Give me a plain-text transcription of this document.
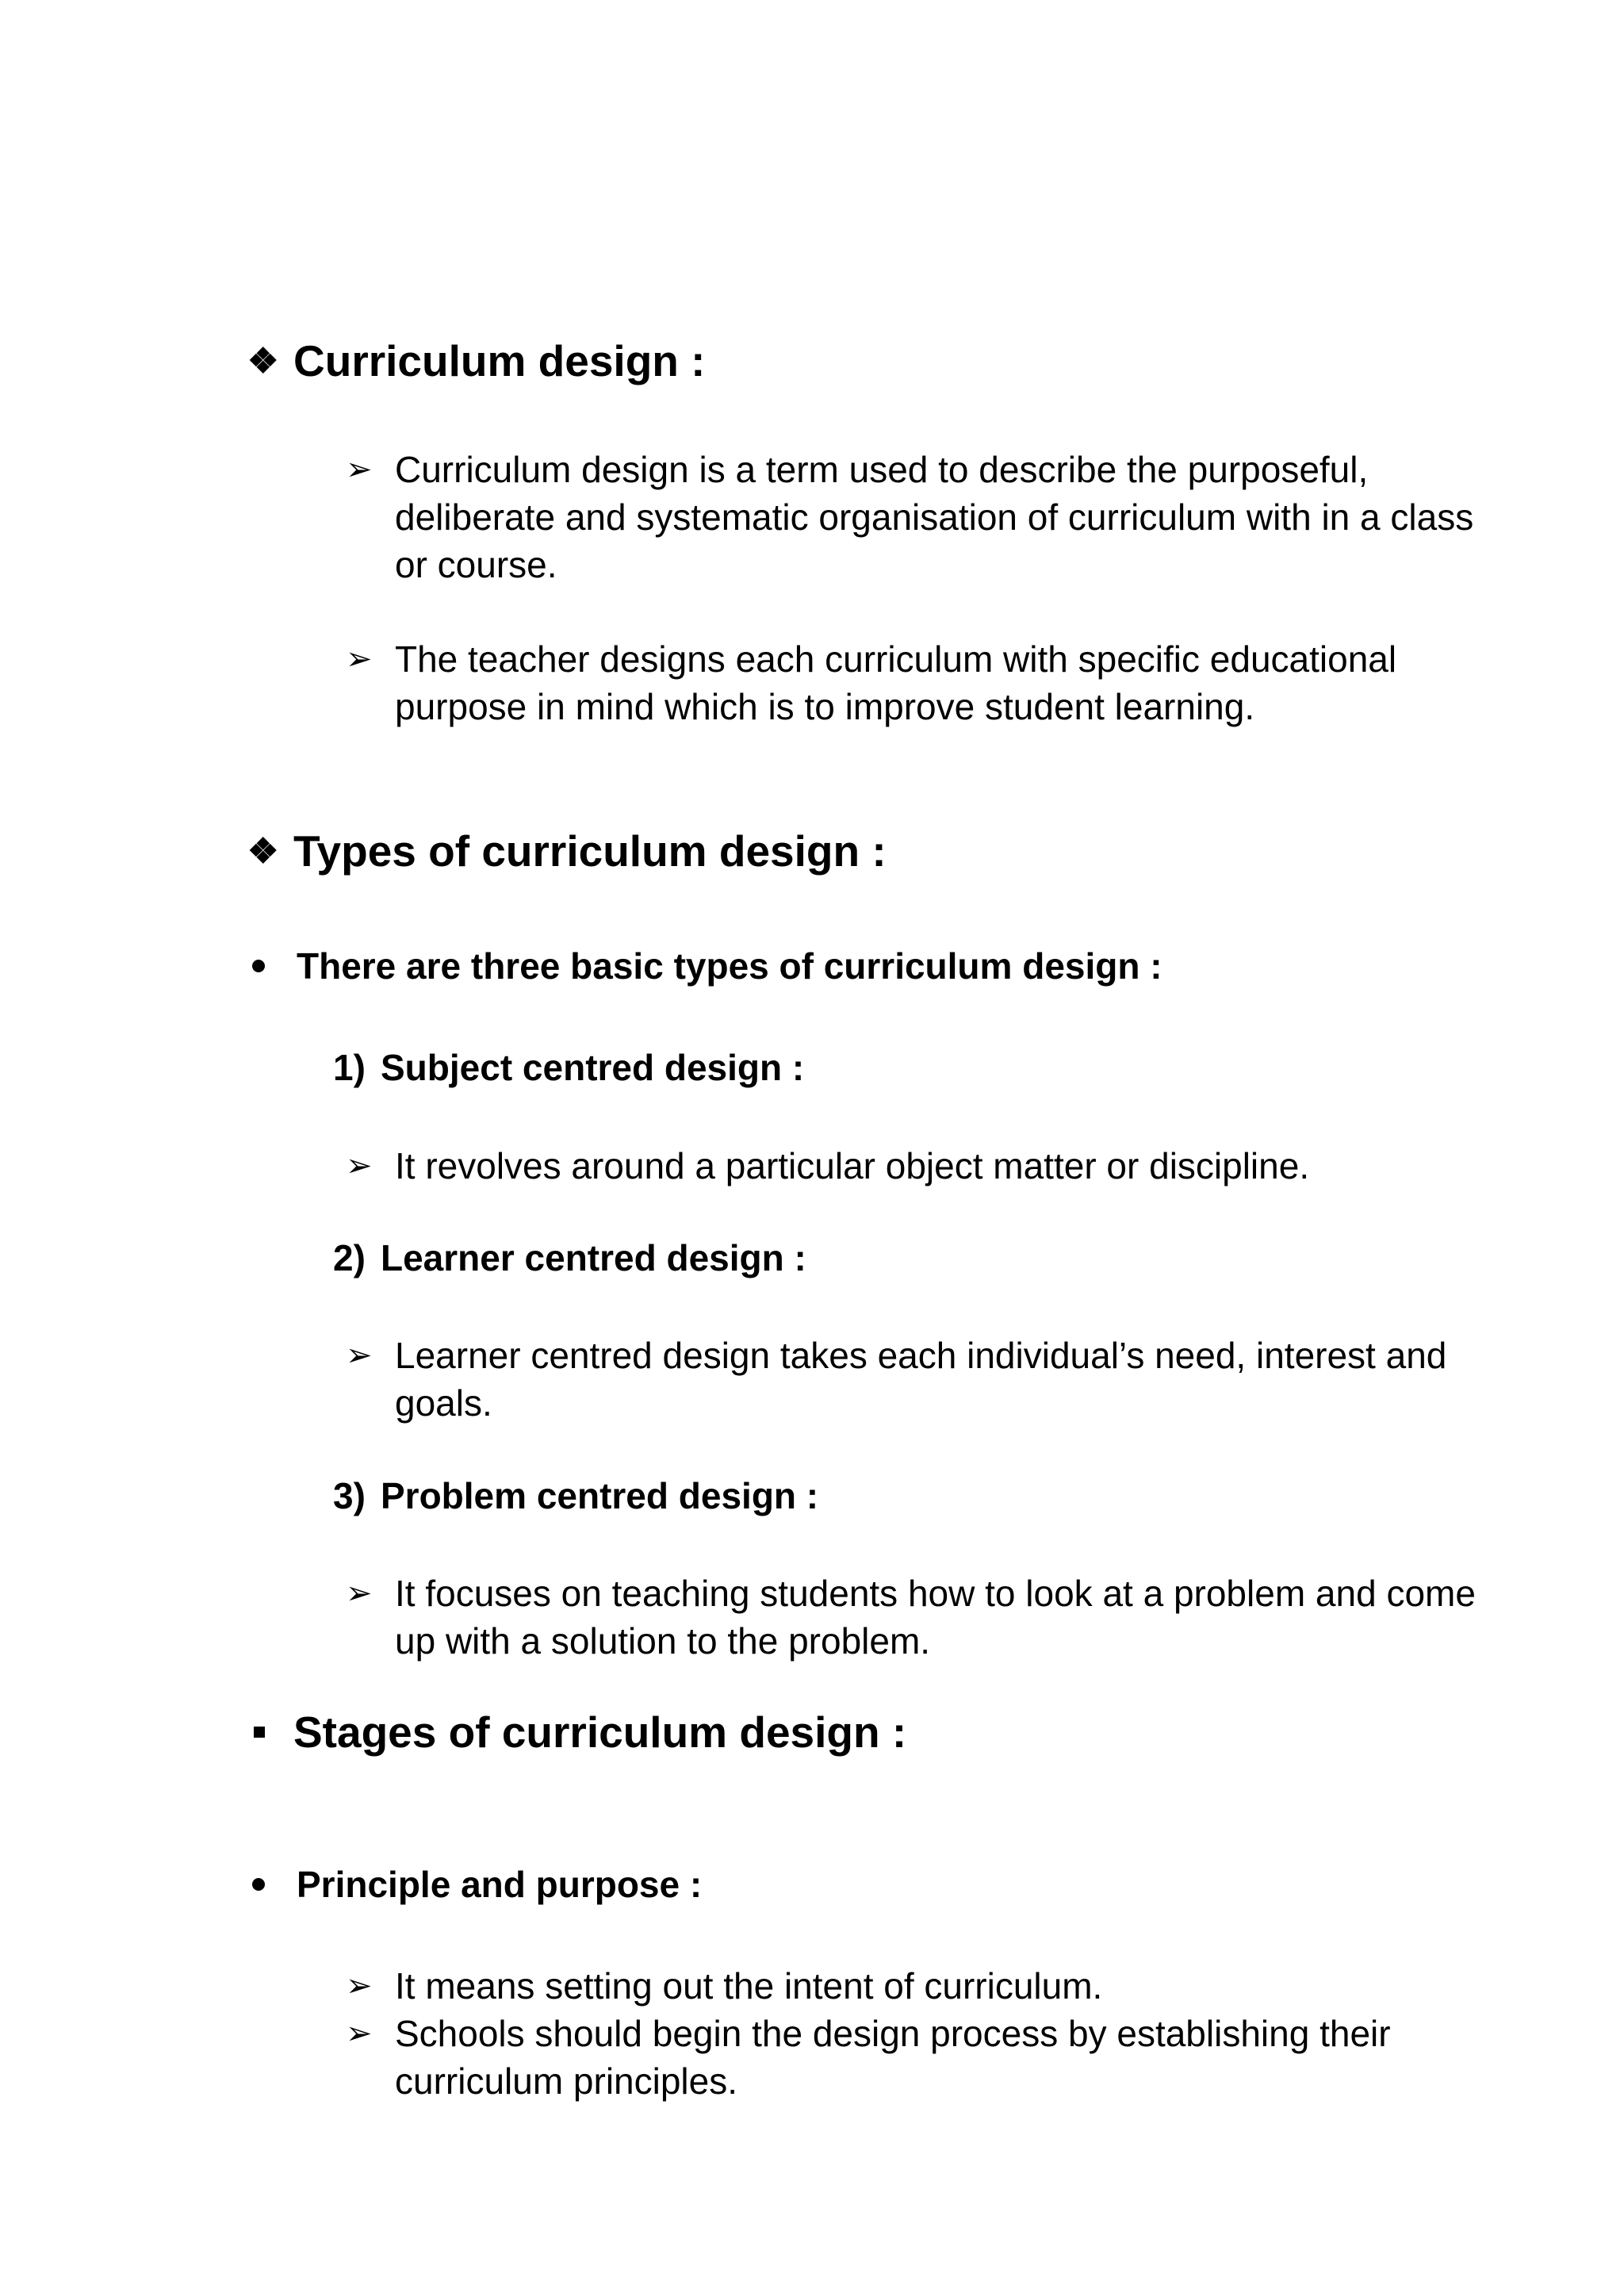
❖ Curriculum design :
➢ Curriculum design is a term used to describe the purposeful, deliberate and systematic organisation of curriculum with in a class or course.
➢ The teacher designs each curriculum with specific educational purpose in mind which is to improve student learning.
❖ Types of curriculum design :
There are three basic types of curriculum design :
1) Subject centred design :
➢ It revolves around a particular object matter or discipline.
2) Learner centred design :
➢ Learner centred design takes each individual’s need, interest and goals.
3) Problem centred design :
➢ It focuses on teaching students how to look at a problem and come up with a solution to the problem.
Stages of curriculum design :
Principle and purpose :
➢ It means setting out the intent of curriculum.
➢ Schools should begin the design process by establishing their curriculum principles.
